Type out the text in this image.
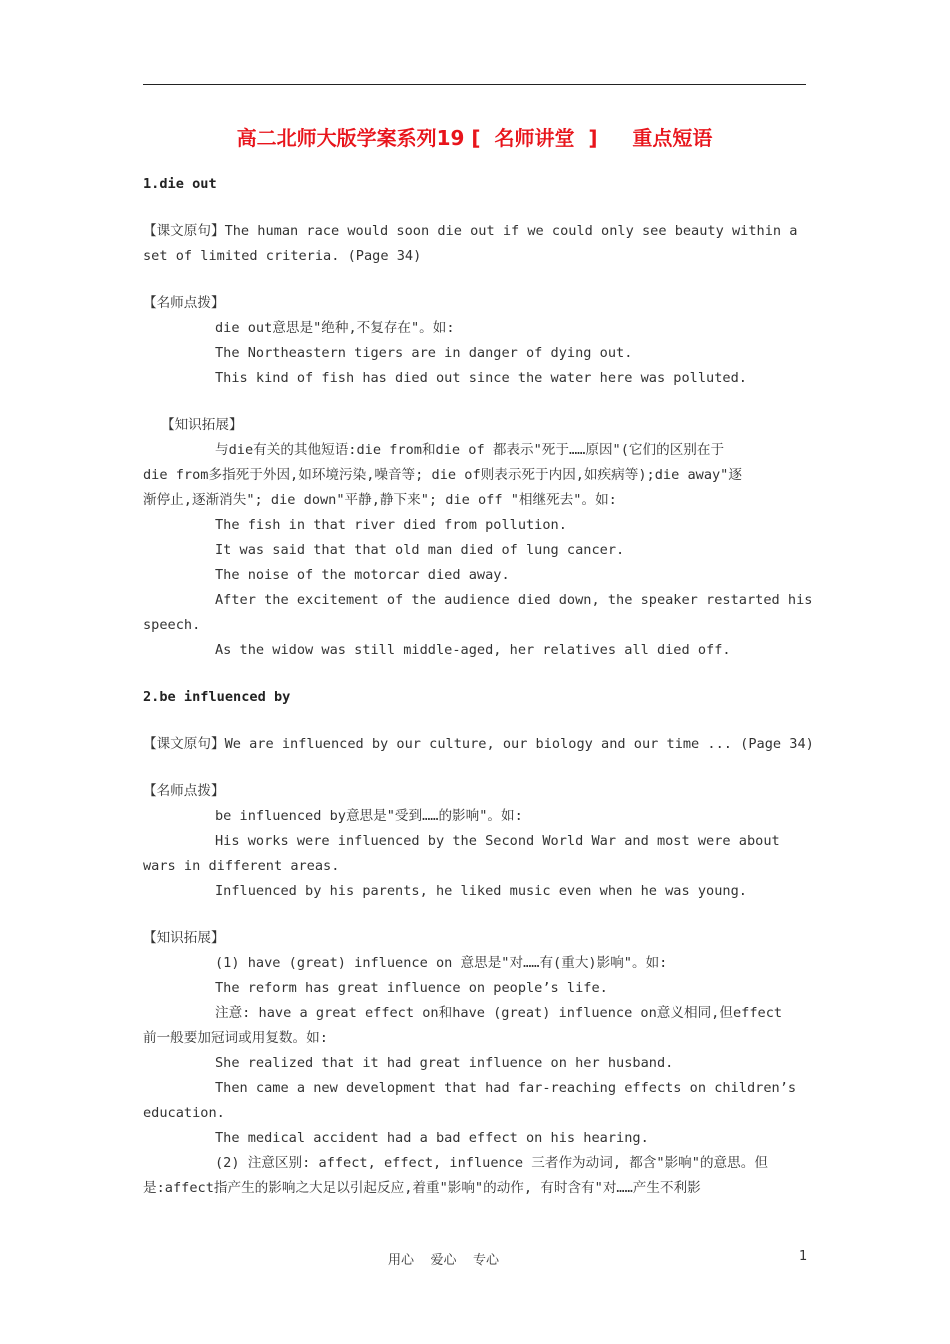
高二北师大版学案系列19 [  名师讲堂  ]     重点短语
1.die out
【课文原句】The human race would soon die out if we could only see beauty within a
set of limited criteria. (Page 34)
【名师点拨】
die out意思是"绝种,不复存在"。如:
The Northeastern tigers are in danger of dying out.
This kind of fish has died out since the water here was polluted.
【知识拓展】
与die有关的其他短语:die from和die of 都表示"死于……原因"(它们的区别在于
die from多指死于外因,如环境污染,噪音等; die of则表示死于内因,如疾病等);die away"逐
渐停止,逐渐消失"; die down"平静,静下来"; die off "相继死去"。如:
The fish in that river died from pollution.
It was said that that old man died of lung cancer.
The noise of the motorcar died away.
After the excitement of the audience died down, the speaker restarted his
speech.
As the widow was still middle-aged, her relatives all died off.
2.be influenced by
【课文原句】We are influenced by our culture, our biology and our time ... (Page 34)
【名师点拨】
be influenced by意思是"受到……的影响"。如:
His works were influenced by the Second World War and most were about
wars in different areas.
Influenced by his parents, he liked music even when he was young.
【知识拓展】
(1) have (great) influence on 意思是"对……有(重大)影响"。如:
The reform has great influence on people’s life.
注意: have a great effect on和have (great) influence on意义相同,但effect
前一般要加冠词或用复数。如:
She realized that it had great influence on her husband.
Then came a new development that had far-reaching effects on children’s
education.
The medical accident had a bad effect on his hearing.
(2) 注意区别: affect, effect, influence 三者作为动词, 都含"影响"的意思。但
是:affect指产生的影响之大足以引起反应,着重"影响"的动作, 有时含有"对……产生不利影
用心    爱心    专心	1
